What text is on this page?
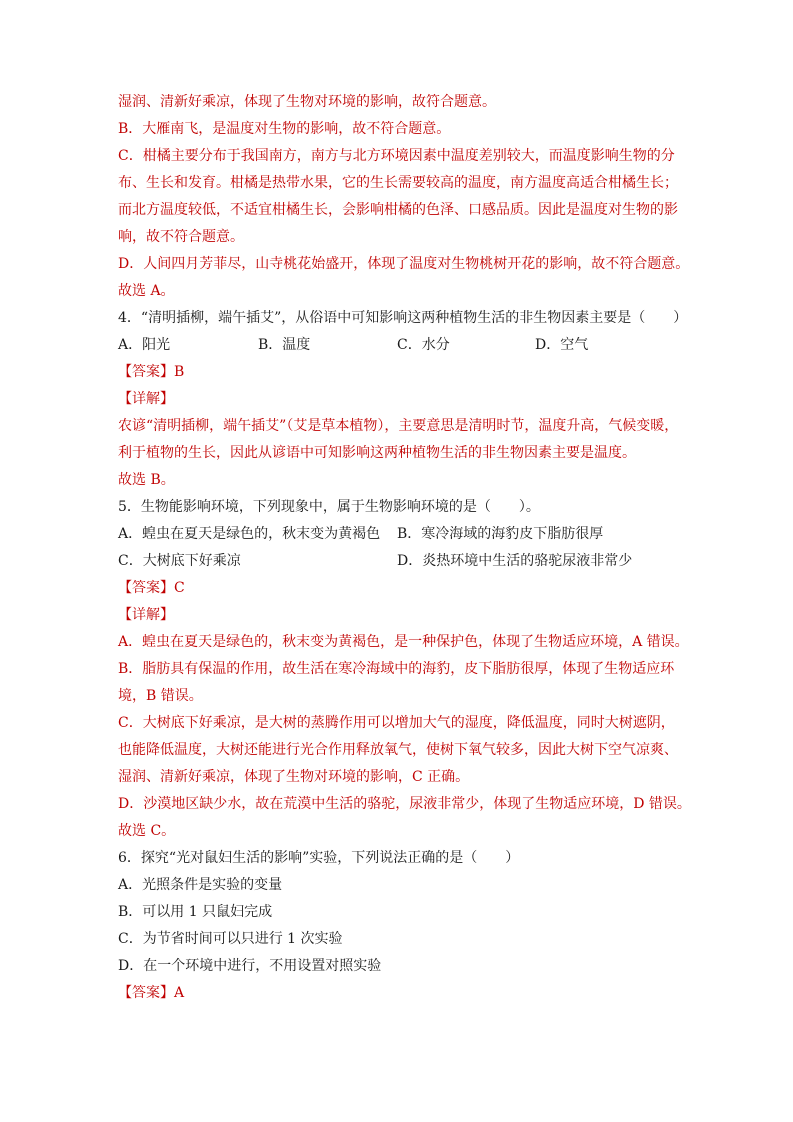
湿润、清新好乘凉，体现了生物对环境的影响，故符合题意。
B．大雁南飞，是温度对生物的影响，故不符合题意。
C．柑橘主要分布于我国南方，南方与北方环境因素中温度差别较大，而温度影响生物的分
布、生长和发育。柑橘是热带水果，它的生长需要较高的温度，南方温度高适合柑橘生长；
而北方温度较低，不适宜柑橘生长，会影响柑橘的色泽、口感品质。因此是温度对生物的影
响，故不符合题意。
D．人间四月芳菲尽，山寺桃花始盛开，体现了温度对生物桃树开花的影响，故不符合题意。
故选 A。
4．“清明插柳，端午插艾”，从俗语中可知影响这两种植物生活的非生物因素主要是（　　）
A．阳光	B．温度	C．水分	D．空气
【答案】B
【详解】
农谚“清明插柳，端午插艾”（艾是草本植物），主要意思是清明时节，温度升高，气候变暖，
利于植物的生长，因此从谚语中可知影响这两种植物生活的非生物因素主要是温度。
故选 B。
5．生物能影响环境，下列现象中，属于生物影响环境的是（　　）。
A．蝗虫在夏天是绿色的，秋末变为黄褐色 B．寒冷海域的海豹皮下脂肪很厚
C．大树底下好乘凉	D．炎热环境中生活的骆驼尿液非常少
【答案】C
【详解】
A．蝗虫在夏天是绿色的，秋末变为黄褐色，是一种保护色，体现了生物适应环境，A 错误。
B．脂肪具有保温的作用，故生活在寒冷海域中的海豹，皮下脂肪很厚，体现了生物适应环
境，B 错误。
C．大树底下好乘凉，是大树的蒸腾作用可以增加大气的湿度，降低温度，同时大树遮阴，
也能降低温度，大树还能进行光合作用释放氧气，使树下氧气较多，因此大树下空气凉爽、
湿润、清新好乘凉，体现了生物对环境的影响，C 正确。
D．沙漠地区缺少水，故在荒漠中生活的骆驼，尿液非常少，体现了生物适应环境，D 错误。
故选 C。
6．探究“光对鼠妇生活的影响”实验，下列说法正确的是（　　）
A．光照条件是实验的变量
B．可以用 1 只鼠妇完成
C．为节省时间可以只进行 1 次实验
D．在一个环境中进行，不用设置对照实验
【答案】A
